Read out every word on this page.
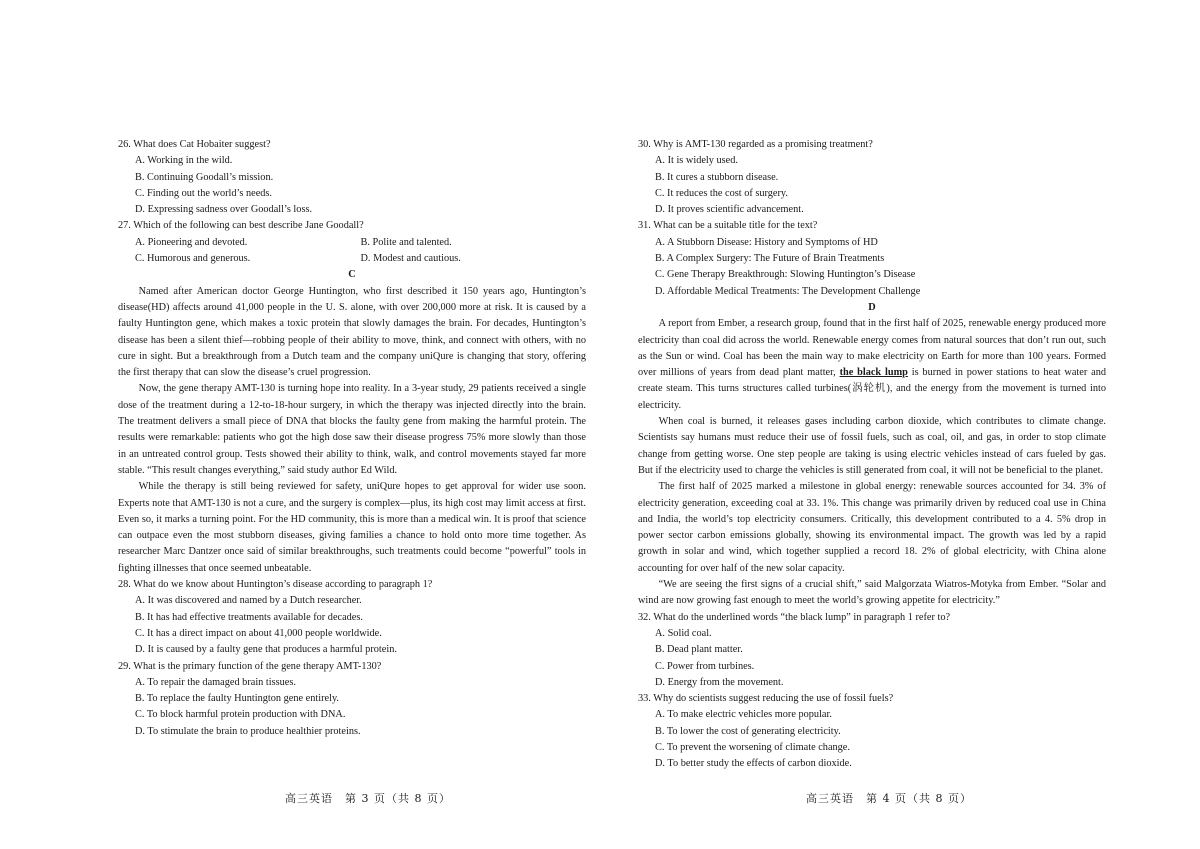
26. What does Cat Hobaiter suggest?

A. Working in the wild.

B. Continuing Goodall’s mission.

C. Finding out the world’s needs.

D. Expressing sadness over Goodall’s loss.

27. Which of the following can best describe Jane Goodall?

A. Pioneering and devoted.	B. Polite and talented.

C. Humorous and generous.	D. Modest and cautious.

C

Named after American doctor George Huntington, who first described it 150 years ago, Huntington’s disease(HD) affects around 41,000 people in the U. S. alone, with over 200,000 more at risk. It is caused by a faulty Huntington gene, which makes a toxic protein that slowly damages the brain. For decades, Huntington’s disease has been a silent thief—robbing people of their ability to move, think, and connect with others, with no cure in sight. But a breakthrough from a Dutch team and the company uniQure is changing that story, offering the first therapy that can slow the disease’s cruel progression.

Now, the gene therapy AMT-130 is turning hope into reality. In a 3-year study, 29 patients received a single dose of the treatment during a 12-to-18-hour surgery, in which the therapy was injected directly into the brain. The treatment delivers a small piece of DNA that blocks the faulty gene from making the harmful protein. The results were remarkable: patients who got the high dose saw their disease progress 75% more slowly than those in an untreated control group. Tests showed their ability to think, walk, and control movements stayed far more stable. “This result changes everything,” said study author Ed Wild.

While the therapy is still being reviewed for safety, uniQure hopes to get approval for wider use soon. Experts note that AMT-130 is not a cure, and the surgery is complex—plus, its high cost may limit access at first. Even so, it marks a turning point. For the HD community, this is more than a medical win. It is proof that science can outpace even the most stubborn diseases, giving families a chance to hold onto more time together. As researcher Marc Dantzer once said of similar breakthroughs, such treatments could become “powerful” tools in fighting illnesses that once seemed unbeatable.

28. What do we know about Huntington’s disease according to paragraph 1?

A. It was discovered and named by a Dutch researcher.

B. It has had effective treatments available for decades.

C. It has a direct impact on about 41,000 people worldwide.

D. It is caused by a faulty gene that produces a harmful protein.

29. What is the primary function of the gene therapy AMT-130?

A. To repair the damaged brain tissues.

B. To replace the faulty Huntington gene entirely.

C. To block harmful protein production with DNA.

D. To stimulate the brain to produce healthier proteins.

30. Why is AMT-130 regarded as a promising treatment?

A. It is widely used.

B. It cures a stubborn disease.

C. It reduces the cost of surgery.

D. It proves scientific advancement.

31. What can be a suitable title for the text?

A. A Stubborn Disease: History and Symptoms of HD

B. A Complex Surgery: The Future of Brain Treatments

C. Gene Therapy Breakthrough: Slowing Huntington’s Disease

D. Affordable Medical Treatments: The Development Challenge

D

A report from Ember, a research group, found that in the first half of 2025, renewable energy produced more electricity than coal did across the world. Renewable energy comes from natural sources that don’t run out, such as the Sun or wind. Coal has been the main way to make electricity on Earth for more than 100 years. Formed over millions of years from dead plant matter, the black lump is burned in power stations to heat water and create steam. This turns structures called turbines(涡轮机), and the energy from the movement is turned into electricity.

When coal is burned, it releases gases including carbon dioxide, which contributes to climate change. Scientists say humans must reduce their use of fossil fuels, such as coal, oil, and gas, in order to stop climate change from getting worse. One step people are taking is using electric vehicles instead of cars fueled by gas. But if the electricity used to charge the vehicles is still generated from coal, it will not be beneficial to the planet.

The first half of 2025 marked a milestone in global energy: renewable sources accounted for 34. 3% of electricity generation, exceeding coal at 33. 1%. This change was primarily driven by reduced coal use in China and India, the world’s top electricity consumers. Critically, this development contributed to a 4. 5% drop in power sector carbon emissions globally, showing its environmental impact. The growth was led by a rapid growth in solar and wind, which together supplied a record 18. 2% of global electricity, with China alone accounting for over half of the new solar capacity.

“We are seeing the first signs of a crucial shift,” said Malgorzata Wiatros-Motyka from Ember. “Solar and wind are now growing fast enough to meet the world’s growing appetite for electricity.”

32. What do the underlined words “the black lump” in paragraph 1 refer to?

A. Solid coal.

B. Dead plant matter.

C. Power from turbines.

D. Energy from the movement.

33. Why do scientists suggest reducing the use of fossil fuels?

A. To make electric vehicles more popular.

B. To lower the cost of generating electricity.

C. To prevent the worsening of climate change.

D. To better study the effects of carbon dioxide.

高三英语　第 3 页（共 8 页）	高三英语　第 4 页（共 8 页）
